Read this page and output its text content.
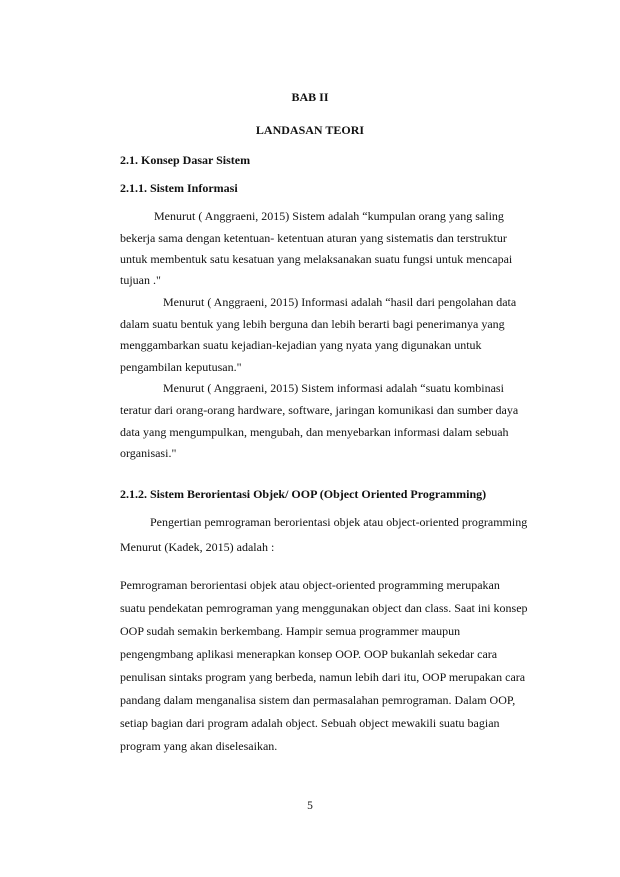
BAB II

LANDASAN TEORI

2.1. Konsep Dasar Sistem

2.1.1. Sistem Informasi

Menurut ( Anggraeni, 2015) Sistem adalah “kumpulan orang yang saling

bekerja sama dengan ketentuan- ketentuan aturan yang sistematis dan terstruktur

untuk membentuk satu kesatuan yang melaksanakan suatu fungsi untuk mencapai

tujuan ."

Menurut ( Anggraeni, 2015) Informasi adalah “hasil dari pengolahan data

dalam suatu bentuk yang lebih berguna dan lebih berarti bagi penerimanya yang

menggambarkan suatu kejadian-kejadian yang nyata yang digunakan untuk

pengambilan keputusan."

Menurut ( Anggraeni, 2015) Sistem informasi adalah “suatu kombinasi

teratur dari orang-orang hardware, software, jaringan komunikasi dan sumber daya

data yang mengumpulkan, mengubah, dan menyebarkan informasi dalam sebuah

organisasi."

2.1.2. Sistem Berorientasi Objek/ OOP (Object Oriented Programming)

Pengertian pemrograman berorientasi objek atau object-oriented programming

Menurut (Kadek, 2015) adalah :

Pemrograman berorientasi objek atau object-oriented programming merupakan

suatu pendekatan pemrograman yang menggunakan object dan class. Saat ini konsep

OOP sudah semakin berkembang. Hampir semua programmer maupun

pengengmbang aplikasi menerapkan konsep OOP. OOP bukanlah sekedar cara

penulisan sintaks program yang berbeda, namun lebih dari itu, OOP merupakan cara

pandang dalam menganalisa sistem dan permasalahan pemrograman. Dalam OOP,

setiap bagian dari program adalah object. Sebuah object mewakili suatu bagian

program yang akan diselesaikan.

5
